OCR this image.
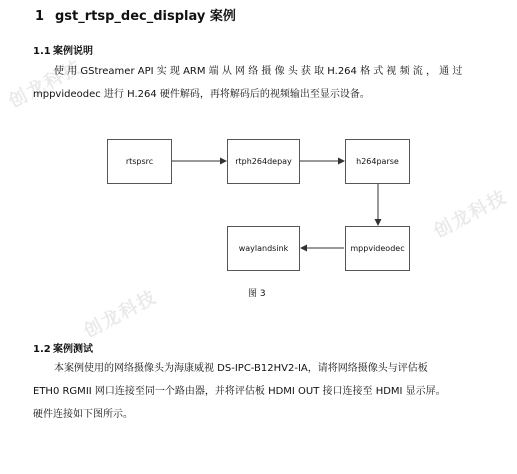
创龙科技
创龙科技
创龙科技
1 gst_rtsp_dec_display 案例
1.1 案例说明
使 用 GStreamer API 实 现 ARM 端 从 网 络 摄 像 头 获 取 H.264 格 式 视 频 流 ， 通 过
mppvideodec 进行 H.264 硬件解码，再将解码后的视频输出至显示设备。
rtspsrc	rtph264depay	h264parse
mppvideodec
waylandsink
图 3
1.2 案例测试
本案例使用的网络摄像头为海康威视 DS-IPC-B12HV2-IA，请将网络摄像头与评估板
ETH0 RGMII 网口连接至同一个路由器，并将评估板 HDMI OUT 接口连接至 HDMI 显示屏。
硬件连接如下图所示。
